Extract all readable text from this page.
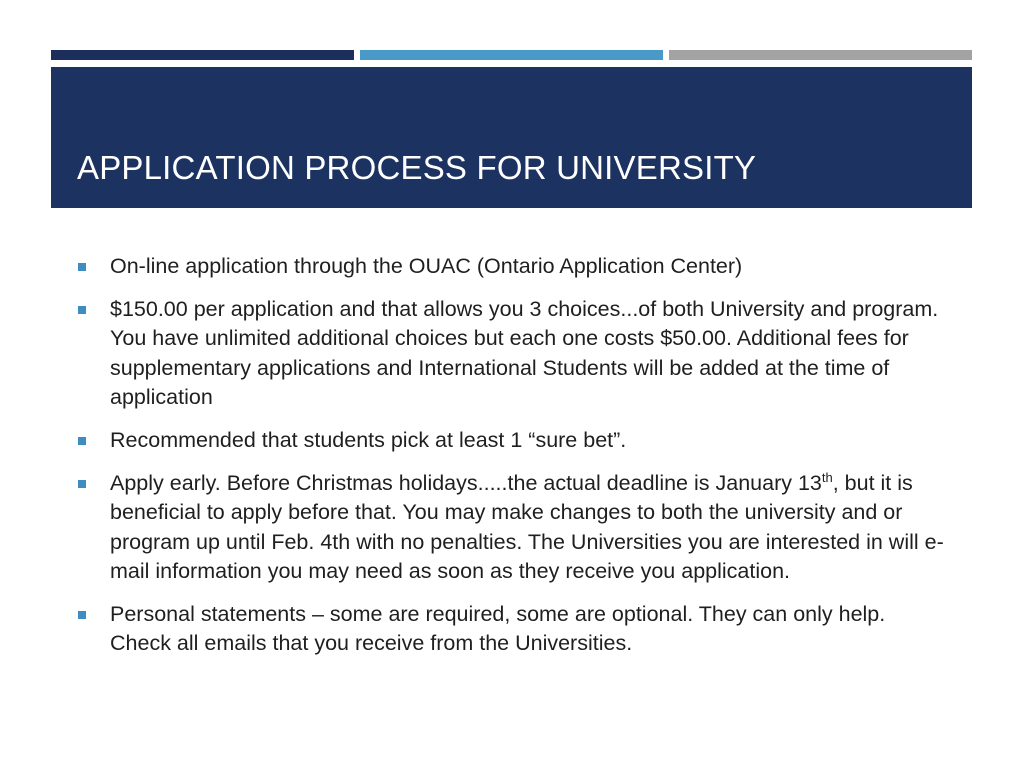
APPLICATION PROCESS FOR UNIVERSITY
On-line application through the OUAC (Ontario Application Center)
$150.00 per application and that allows you 3 choices...of both University and program. You have unlimited additional choices but each one costs $50.00. Additional fees for supplementary applications and International Students will be added at the time of application
Recommended that students pick at least 1 “sure bet”.
Apply early. Before Christmas holidays.....the actual deadline is January 13th, but it is beneficial to apply before that. You may make changes to both the university and or program up until Feb. 4th with no penalties. The Universities you are interested in will e-mail information you may need as soon as they receive you application.
Personal statements – some are required, some are optional. They can only help. Check all emails that you receive from the Universities.
